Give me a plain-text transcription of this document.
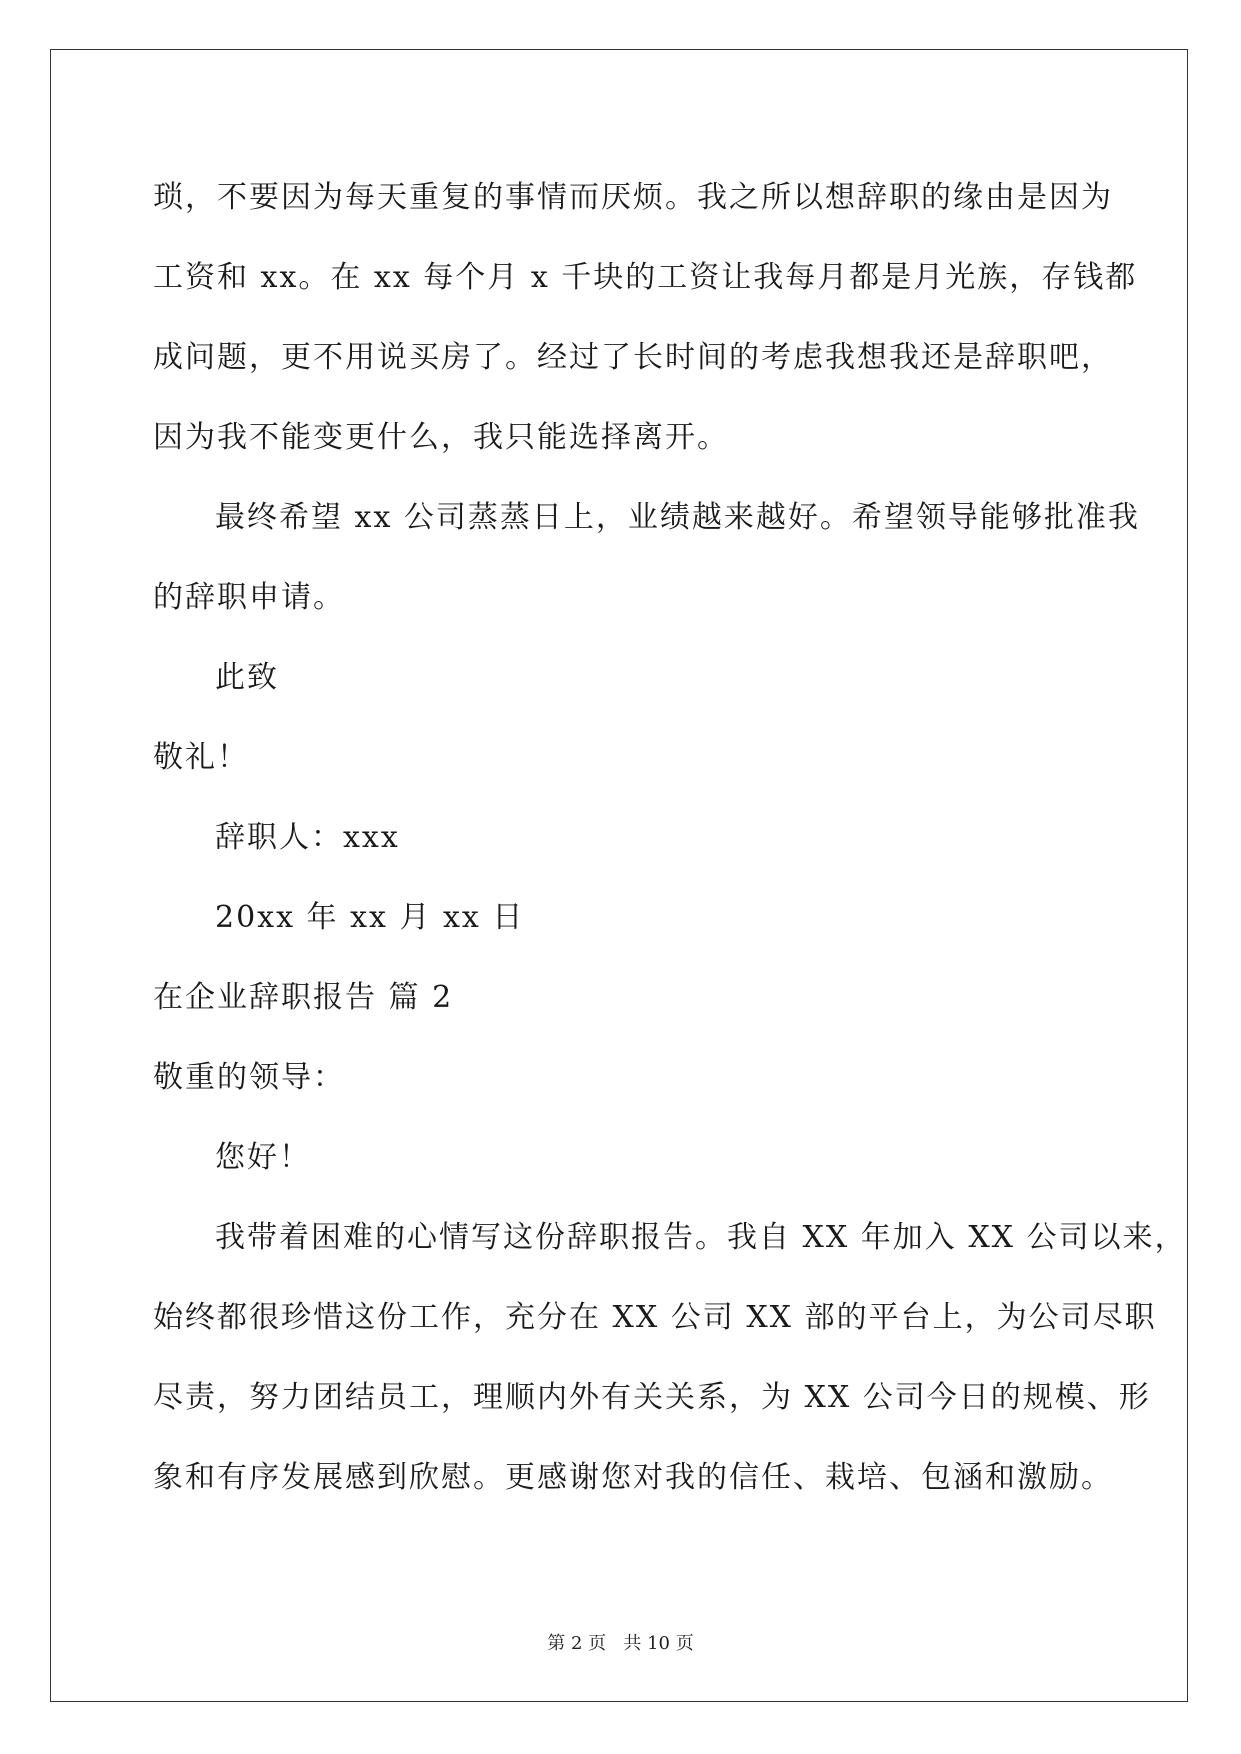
琐，不要因为每天重复的事情而厌烦。我之所以想辞职的缘由是因为
工资和 xx。在 xx 每个月 x 千块的工资让我每月都是月光族，存钱都
成问题，更不用说买房了。经过了长时间的考虑我想我还是辞职吧，
因为我不能变更什么，我只能选择离开。
最终希望 xx 公司蒸蒸日上，业绩越来越好。希望领导能够批准我
的辞职申请。
此致
敬礼！
辞职人：xxx
20xx 年 xx 月 xx 日
在企业辞职报告 篇 2
敬重的领导：
您好！
我带着困难的心情写这份辞职报告。我自 XX 年加入 XX 公司以来，
始终都很珍惜这份工作，充分在 XX 公司 XX 部的平台上，为公司尽职
尽责，努力团结员工，理顺内外有关关系，为 XX 公司今日的规模、形
象和有序发展感到欣慰。更感谢您对我的信任、栽培、包涵和激励。
第 2 页   共 10 页
